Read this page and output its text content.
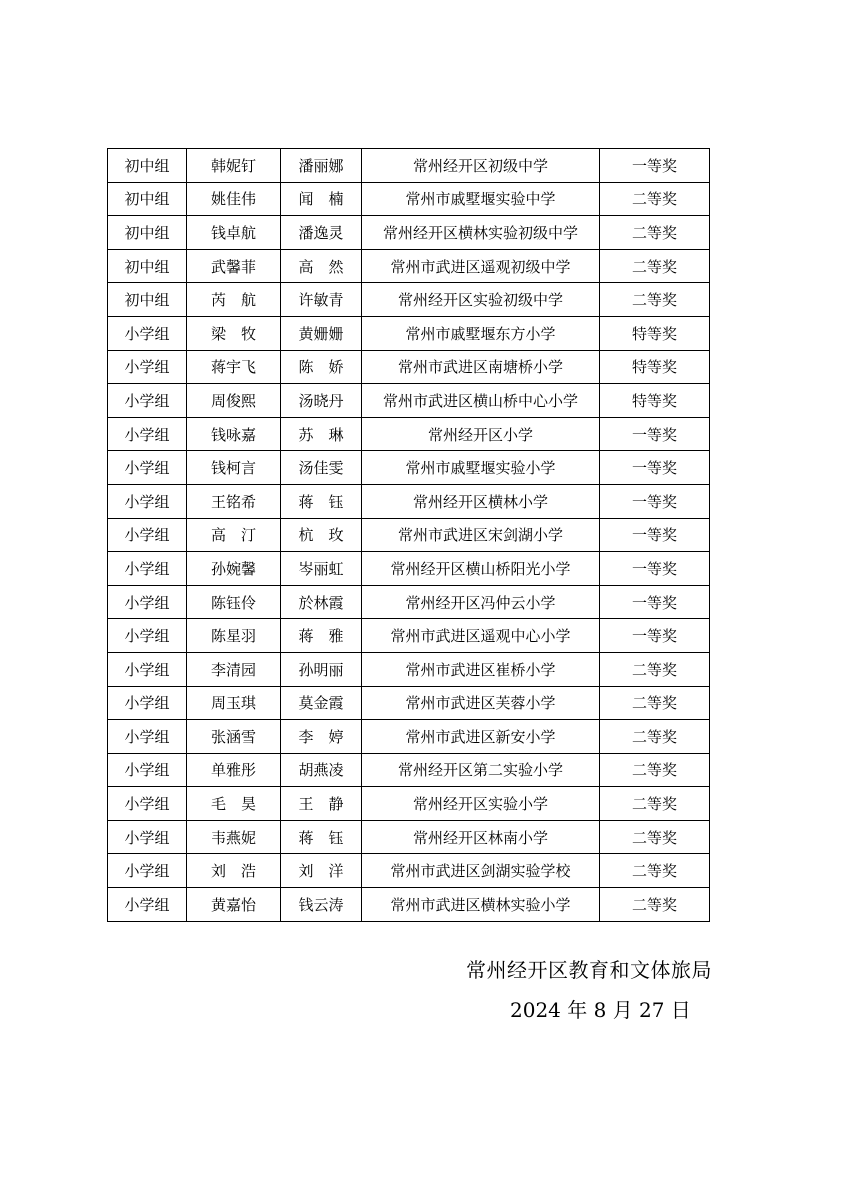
初中组	韩妮钉	潘丽娜	常州经开区初级中学	一等奖
初中组	姚佳伟	闻　楠	常州市戚墅堰实验中学	二等奖
初中组	钱卓航	潘逸灵	常州经开区横林实验初级中学	二等奖
初中组	武馨菲	高　然	常州市武进区遥观初级中学	二等奖
初中组	芮　航	许敏青	常州经开区实验初级中学	二等奖
小学组	梁　牧	黄姗姗	常州市戚墅堰东方小学	特等奖
小学组	蒋宇飞	陈　娇	常州市武进区南塘桥小学	特等奖
小学组	周俊熙	汤晓丹	常州市武进区横山桥中心小学	特等奖
小学组	钱咏嘉	苏　琳	常州经开区小学	一等奖
小学组	钱柯言	汤佳雯	常州市戚墅堰实验小学	一等奖
小学组	王铭希	蒋　钰	常州经开区横林小学	一等奖
小学组	高　汀	杭　玫	常州市武进区宋剑湖小学	一等奖
小学组	孙婉馨	岑丽虹	常州经开区横山桥阳光小学	一等奖
小学组	陈钰伶	於林霞	常州经开区冯仲云小学	一等奖
小学组	陈星羽	蒋　雅	常州市武进区遥观中心小学	一等奖
小学组	李清园	孙明丽	常州市武进区崔桥小学	二等奖
小学组	周玉琪	莫金霞	常州市武进区芙蓉小学	二等奖
小学组	张涵雪	李　婷	常州市武进区新安小学	二等奖
小学组	单雅彤	胡燕凌	常州经开区第二实验小学	二等奖
小学组	毛　昊	王　静	常州经开区实验小学	二等奖
小学组	韦燕妮	蒋　钰	常州经开区林南小学	二等奖
小学组	刘　浩	刘　洋	常州市武进区剑湖实验学校	二等奖
小学组	黄嘉怡	钱云涛	常州市武进区横林实验小学	二等奖
常州经开区教育和文体旅局
2024 年 8 月 27 日
